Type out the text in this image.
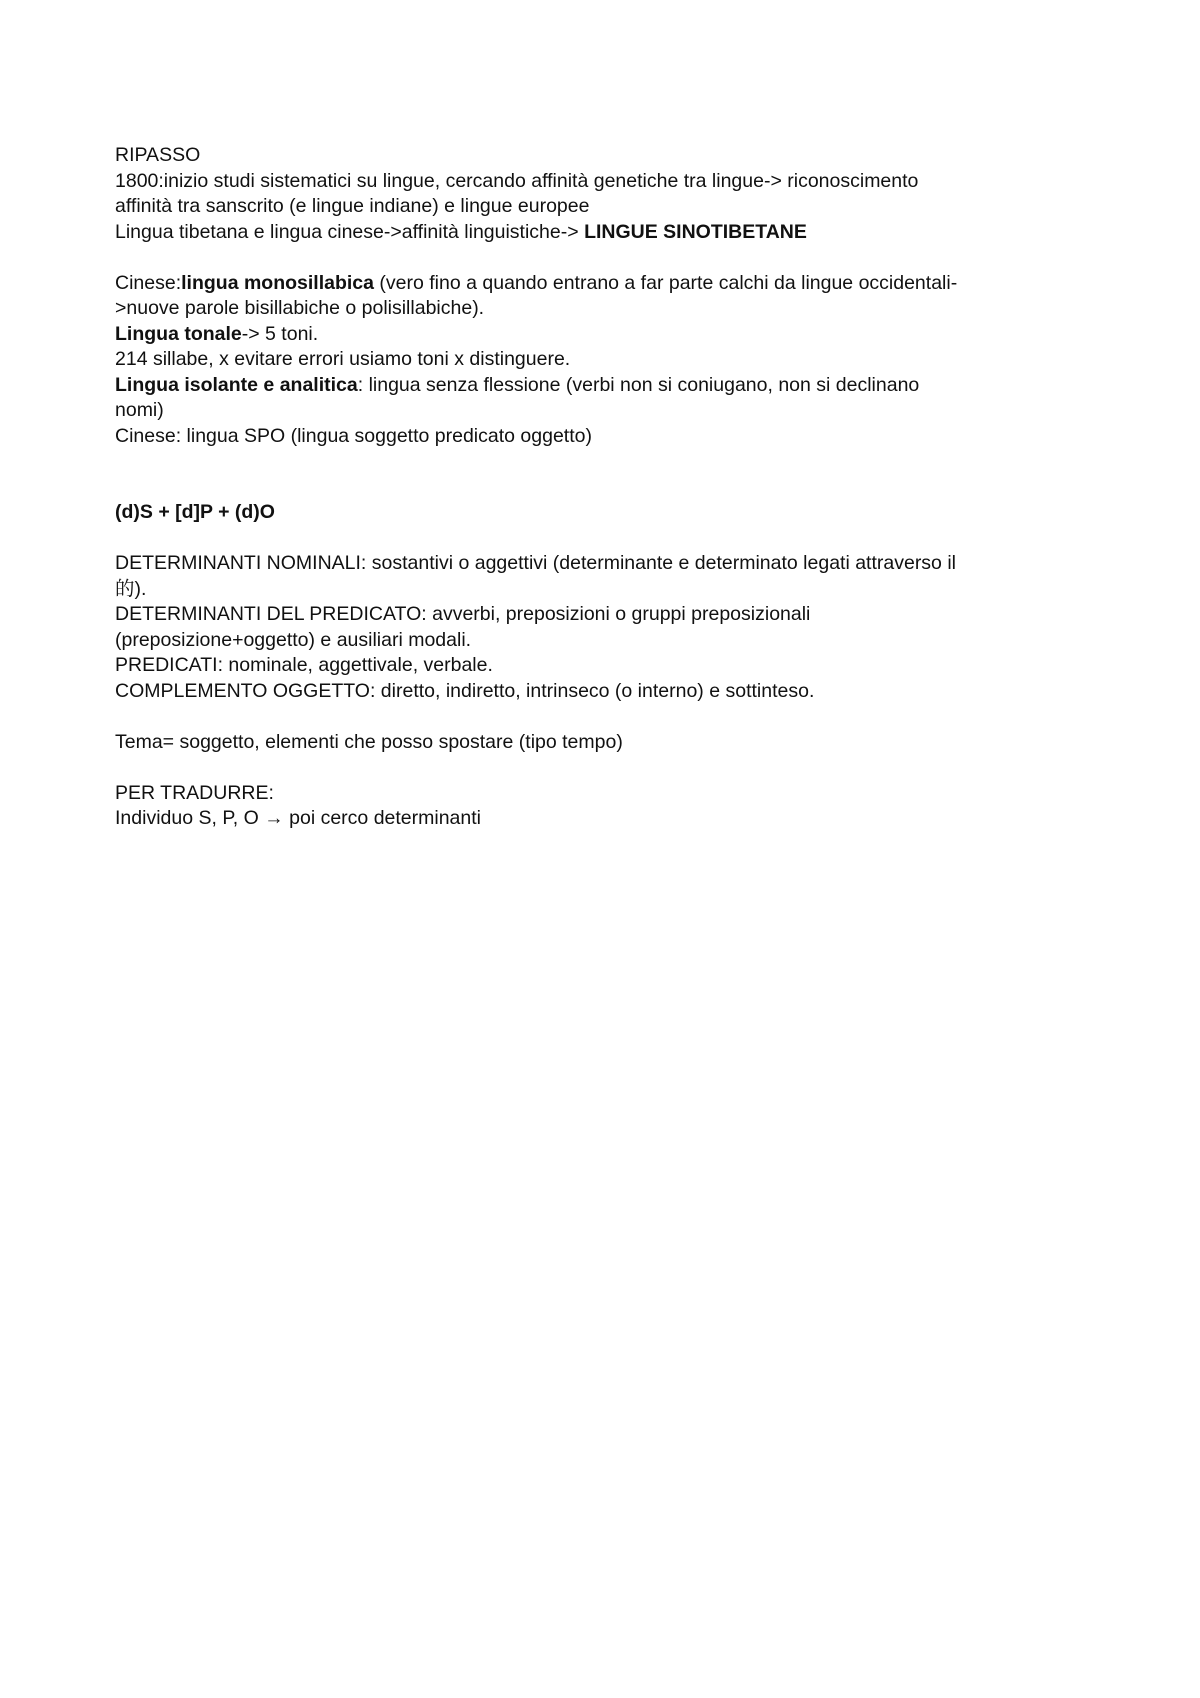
RIPASSO
1800:inizio studi sistematici su lingue, cercando affinità genetiche tra lingue-> riconoscimento
affinità tra sanscrito (e lingue indiane) e lingue europee
Lingua tibetana e lingua cinese->affinità linguistiche-> LINGUE SINOTIBETANE
Cinese:lingua monosillabica (vero fino a quando entrano a far parte calchi da lingue occidentali-
>nuove parole bisillabiche o polisillabiche).
Lingua tonale-> 5 toni.
214 sillabe, x evitare errori usiamo toni x distinguere.
Lingua isolante e analitica: lingua senza flessione (verbi non si coniugano, non si declinano
nomi)
Cinese: lingua SPO (lingua soggetto predicato oggetto)
(d)S + [d]P + (d)O
DETERMINANTI NOMINALI: sostantivi o aggettivi (determinante e determinato legati attraverso il
的).
DETERMINANTI DEL PREDICATO: avverbi, preposizioni o gruppi preposizionali
(preposizione+oggetto) e ausiliari modali.
PREDICATI: nominale, aggettivale, verbale.
COMPLEMENTO OGGETTO: diretto, indiretto, intrinseco (o interno) e sottinteso.
Tema= soggetto, elementi che posso spostare (tipo tempo)
PER TRADURRE:
Individuo S, P, O → poi cerco determinanti
